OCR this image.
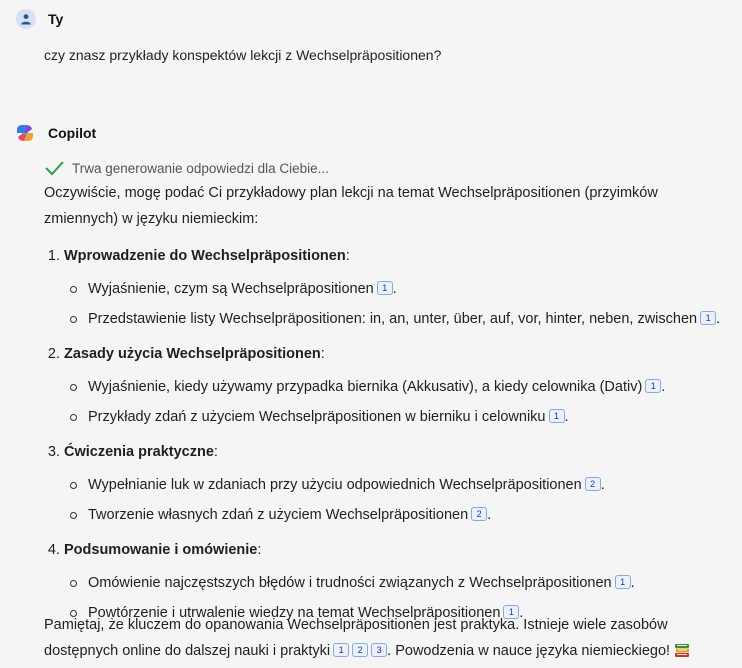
Ty
czy znasz przykłady konspektów lekcji z Wechselpräpositionen?
Copilot
Trwa generowanie odpowiedzi dla Ciebie...

Oczywiście, mogę podać Ci przykładowy plan lekcji na temat Wechselpräpositionen (przyimków zmiennych) w języku niemieckim:

1. Wprowadzenie do Wechselpräpositionen:
Wyjaśnienie, czym są Wechselpräpositionen 1 .
Przedstawienie listy Wechselpräpositionen: in, an, unter, über, auf, vor, hinter, neben, zwischen 1 .
2. Zasady użycia Wechselpräpositionen:
Wyjaśnienie, kiedy używamy przypadka biernika (Akkusativ), a kiedy celownika (Dativ) 1 .
Przykłady zdań z użyciem Wechselpräpositionen w bierniku i celowniku 1 .
3. Ćwiczenia praktyczne:
Wypełnianie luk w zdaniach przy użyciu odpowiednich Wechselpräpositionen 2 .
Tworzenie własnych zdań z użyciem Wechselpräpositionen 2 .
4. Podsumowanie i omówienie:
Omówienie najczęstszych błędów i trudności związanych z Wechselpräpositionen 1 .
Powtórzenie i utrwalenie wiedzy na temat Wechselpräpositionen 1 .

Pamiętaj, że kluczem do opanowania Wechselpräpositionen jest praktyka. Istnieje wiele zasobów dostępnych online do dalszej nauki i praktyki 1 2 3 . Powodzenia w nauce języka niemieckiego!
